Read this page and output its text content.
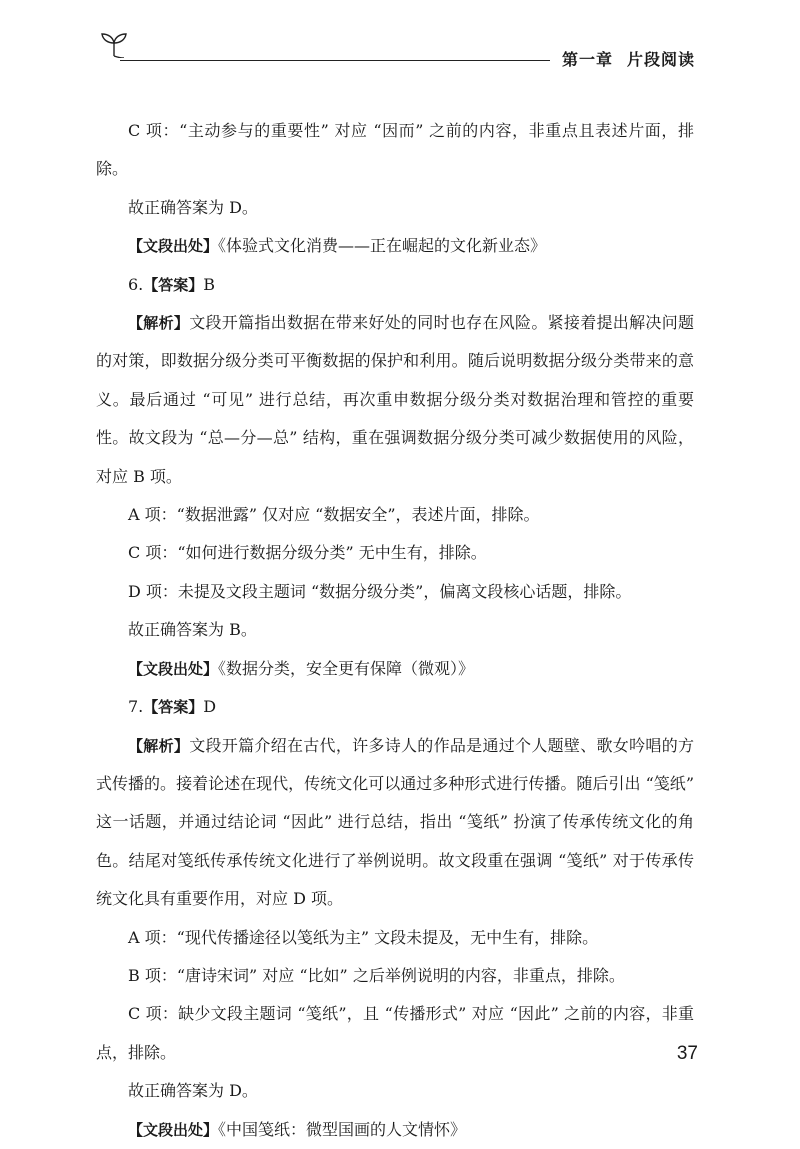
第一章 片段阅读

C 项：“主动参与的重要性” 对应 “因而” 之前的内容，非重点且表述片面，排除。

故正确答案为 D。

【文段出处】《体验式文化消费——正在崛起的文化新业态》

6.【答案】B

【解析】文段开篇指出数据在带来好处的同时也存在风险。紧接着提出解决问题的对策，即数据分级分类可平衡数据的保护和利用。随后说明数据分级分类带来的意义。最后通过 “可见” 进行总结，再次重申数据分级分类对数据治理和管控的重要性。故文段为 “总—分—总” 结构，重在强调数据分级分类可减少数据使用的风险，对应 B 项。

A 项：“数据泄露” 仅对应 “数据安全”，表述片面，排除。

C 项：“如何进行数据分级分类” 无中生有，排除。

D 项：未提及文段主题词 “数据分级分类”，偏离文段核心话题，排除。

故正确答案为 B。

【文段出处】《数据分类，安全更有保障（微观）》

7.【答案】D

【解析】文段开篇介绍在古代，许多诗人的作品是通过个人题壁、歌女吟唱的方式传播的。接着论述在现代，传统文化可以通过多种形式进行传播。随后引出 “笺纸” 这一话题，并通过结论词 “因此” 进行总结，指出 “笺纸” 扮演了传承传统文化的角色。结尾对笺纸传承传统文化进行了举例说明。故文段重在强调 “笺纸” 对于传承传统文化具有重要作用，对应 D 项。

A 项：“现代传播途径以笺纸为主” 文段未提及，无中生有，排除。

B 项：“唐诗宋词” 对应 “比如” 之后举例说明的内容，非重点，排除。

C 项：缺少文段主题词 “笺纸”，且 “传播形式” 对应 “因此” 之前的内容，非重点，排除。

故正确答案为 D。

【文段出处】《中国笺纸：微型国画的人文情怀》

37
